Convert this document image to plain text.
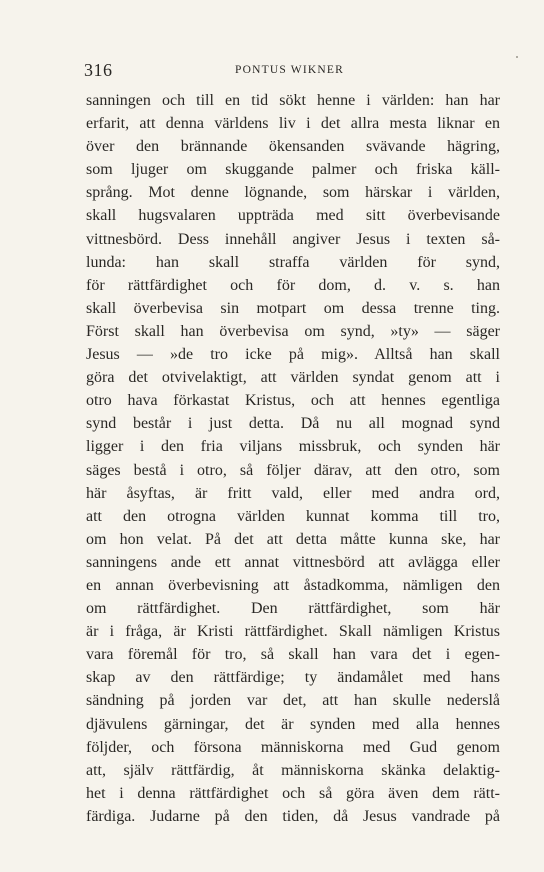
316	PONTUS WIKNER
sanningen och till en tid sökt henne i världen: han har
erfarit, att denna världens liv i det allra mesta liknar en
över den brännande ökensanden svävande hägring,
som ljuger om skuggande palmer och friska käll-
språng. Mot denne lögnande, som härskar i världen,
skall hugsvalaren uppträda med sitt överbevisande
vittnesbörd. Dess innehåll angiver Jesus i texten så-
lunda: han skall straffa världen för synd,
för rättfärdighet och för dom, d. v. s. han
skall överbevisa sin motpart om dessa trenne ting.
Först skall han överbevisa om synd, »ty» — säger
Jesus — »de tro icke på mig». Alltså han skall
göra det otvivelaktigt, att världen syndat genom att i
otro hava förkastat Kristus, och att hennes egentliga
synd består i just detta. Då nu all mognad synd
ligger i den fria viljans missbruk, och synden här
säges bestå i otro, så följer därav, att den otro, som
här åsyftas, är fritt vald, eller med andra ord,
att den otrogna världen kunnat komma till tro,
om hon velat. På det att detta måtte kunna ske, har
sanningens ande ett annat vittnesbörd att avlägga eller
en annan överbevisning att åstadkomma, nämligen den
om rättfärdighet. Den rättfärdighet, som här
är i fråga, är Kristi rättfärdighet. Skall nämligen Kristus
vara föremål för tro, så skall han vara det i egen-
skap av den rättfärdige; ty ändamålet med hans
sändning på jorden var det, att han skulle nederslå
djävulens gärningar, det är synden med alla hennes
följder, och försona människorna med Gud genom
att, själv rättfärdig, åt människorna skänka delaktig-
het i denna rättfärdighet och så göra även dem rätt-
färdiga. Judarne på den tiden, då Jesus vandrade på
